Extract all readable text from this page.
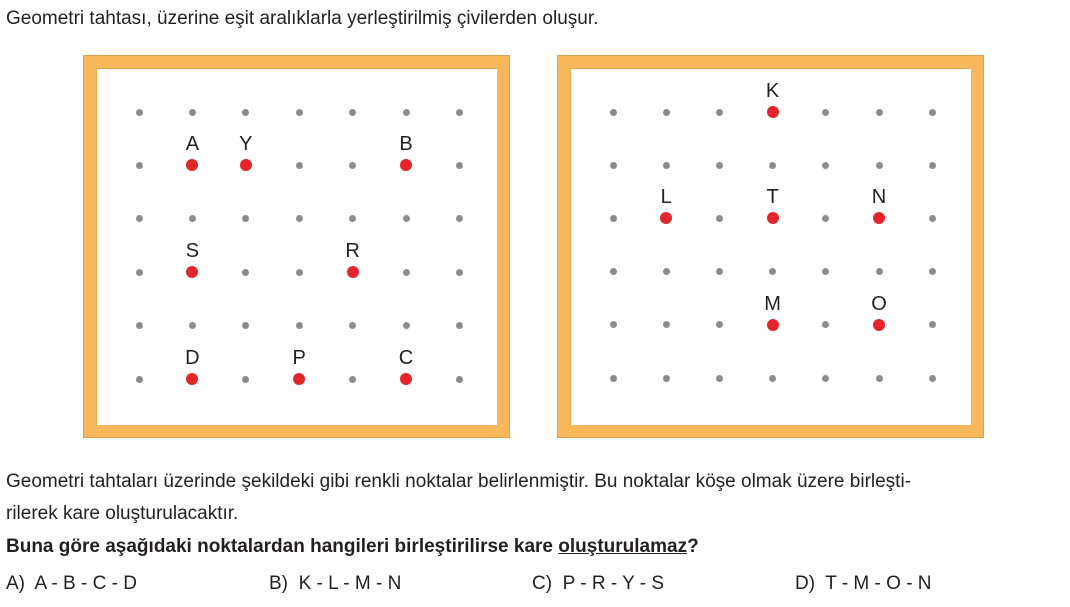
Geometri tahtası, üzerine eşit aralıklarla yerleştirilmiş çivilerden oluşur.
A Y	B
S	R
D	P	C
K
L	T	N
M	O
Geometri tahtaları üzerinde şekildeki gibi renkli noktalar belirlenmiştir. Bu noktalar köşe olmak üzere birleşti-
rilerek kare oluşturulacaktır.
Buna göre aşağıdaki noktalardan hangileri birleştirilirse kare oluşturulamaz?
A) A - B - C - D	B) K - L - M - N	C) P - R - Y - S	D) T - M - O - N
